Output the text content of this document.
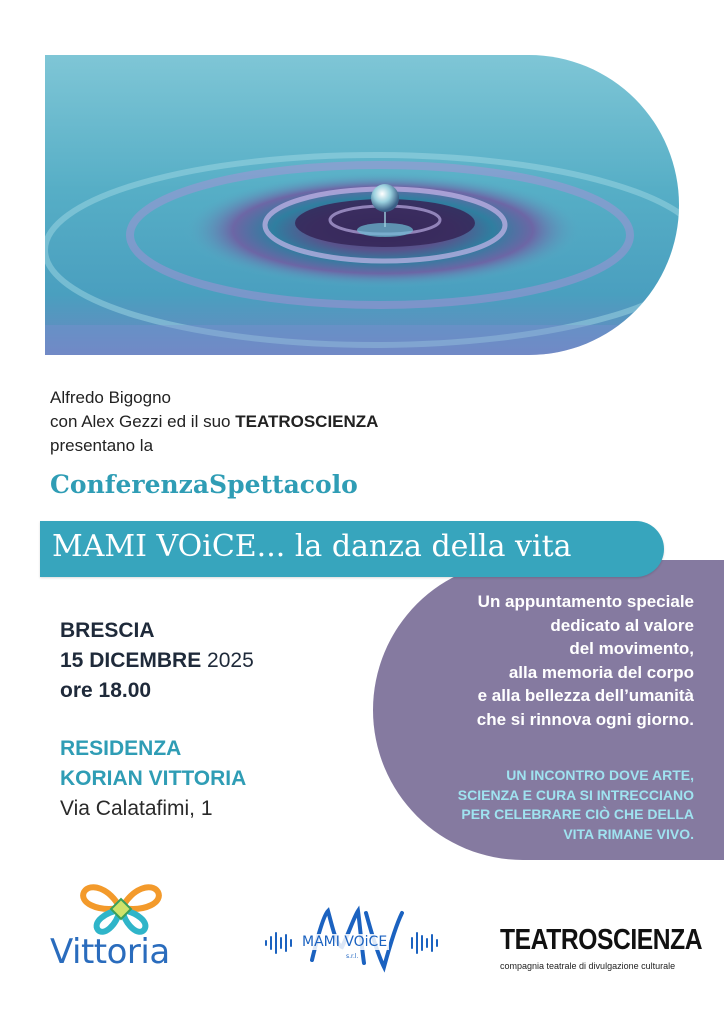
Alfredo Bigogno
con Alex Gezzi ed il suo TEATROSCIENZA
presentano la
ConferenzaSpettacolo
MAMI VOiCE... la danza della vita
Un appuntamento speciale
dedicato al valore
del movimento,
alla memoria del corpo
e alla bellezza dell’umanità
che si rinnova ogni giorno.
UN INCONTRO DOVE ARTE,
SCIENZA E CURA SI INTRECCIANO
PER CELEBRARE CIÒ CHE DELLA
VITA RIMANE VIVO.
BRESCIA
15 DICEMBRE 2025
ore 18.00
RESIDENZA
KORIAN VITTORIA
Via Calatafimi, 1
Vittoria	MAMI VOiCE
s.r.l.
TEATROSCIENZA
compagnia teatrale di divulgazione culturale
